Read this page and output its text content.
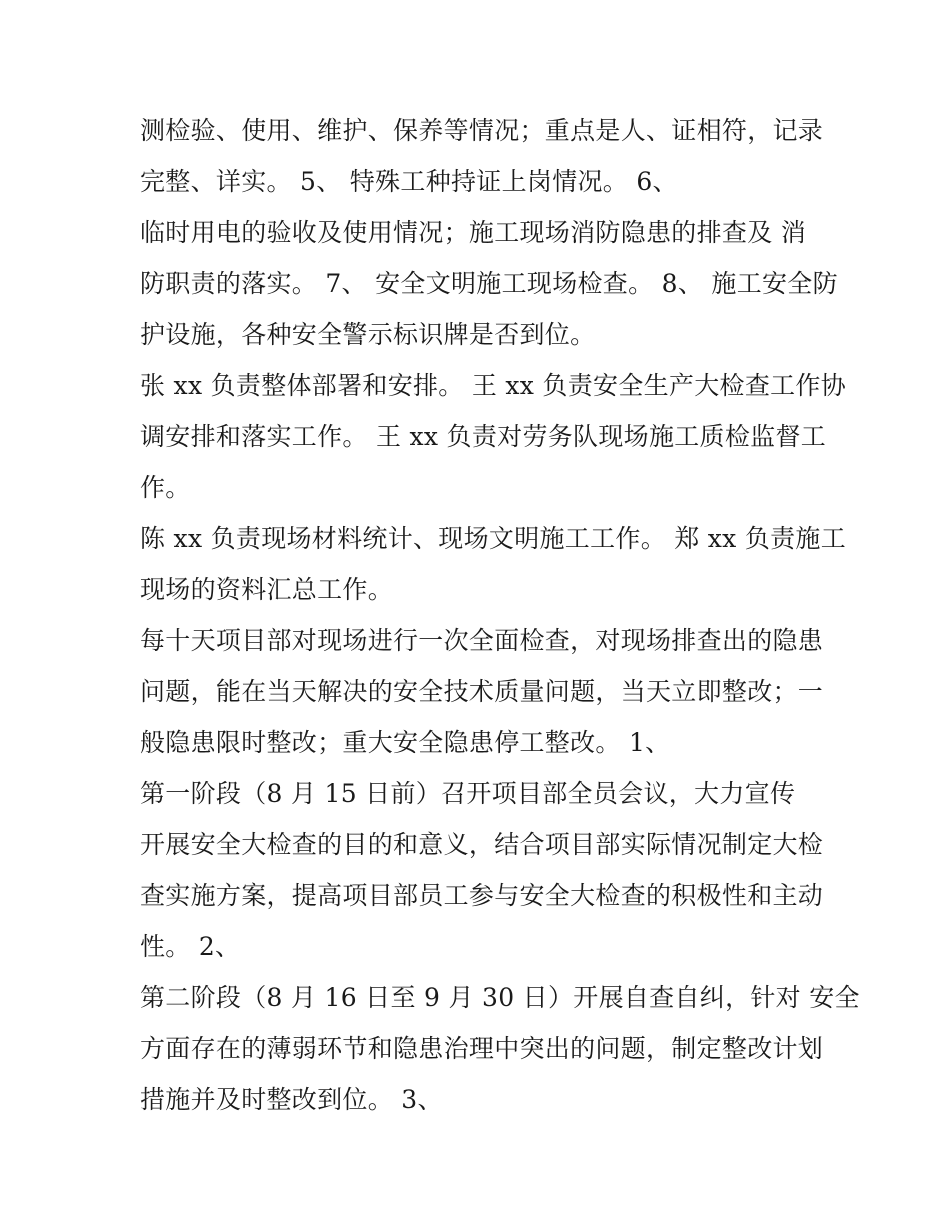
测检验、使用、维护、保养等情况；重点是人、证相符，记录
完整、详实。 5、 特殊工种持证上岗情况。 6、
临时用电的验收及使用情况；施工现场消防隐患的排查及 消
防职责的落实。 7、 安全文明施工现场检查。 8、 施工安全防
护设施，各种安全警示标识牌是否到位。
张 xx 负责整体部署和安排。 王 xx 负责安全生产大检查工作协
调安排和落实工作。 王 xx 负责对劳务队现场施工质检监督工
作。
陈 xx 负责现场材料统计、现场文明施工工作。 郑 xx 负责施工
现场的资料汇总工作。
每十天项目部对现场进行一次全面检查，对现场排查出的隐患
问题，能在当天解决的安全技术质量问题，当天立即整改；一
般隐患限时整改；重大安全隐患停工整改。 1、
第一阶段（8 月 15 日前）召开项目部全员会议，大力宣传
开展安全大检查的目的和意义，结合项目部实际情况制定大检
查实施方案，提高项目部员工参与安全大检查的积极性和主动
性。 2、
第二阶段（8 月 16 日至 9 月 30 日）开展自查自纠，针对 安全
方面存在的薄弱环节和隐患治理中突出的问题，制定整改计划
措施并及时整改到位。 3、
